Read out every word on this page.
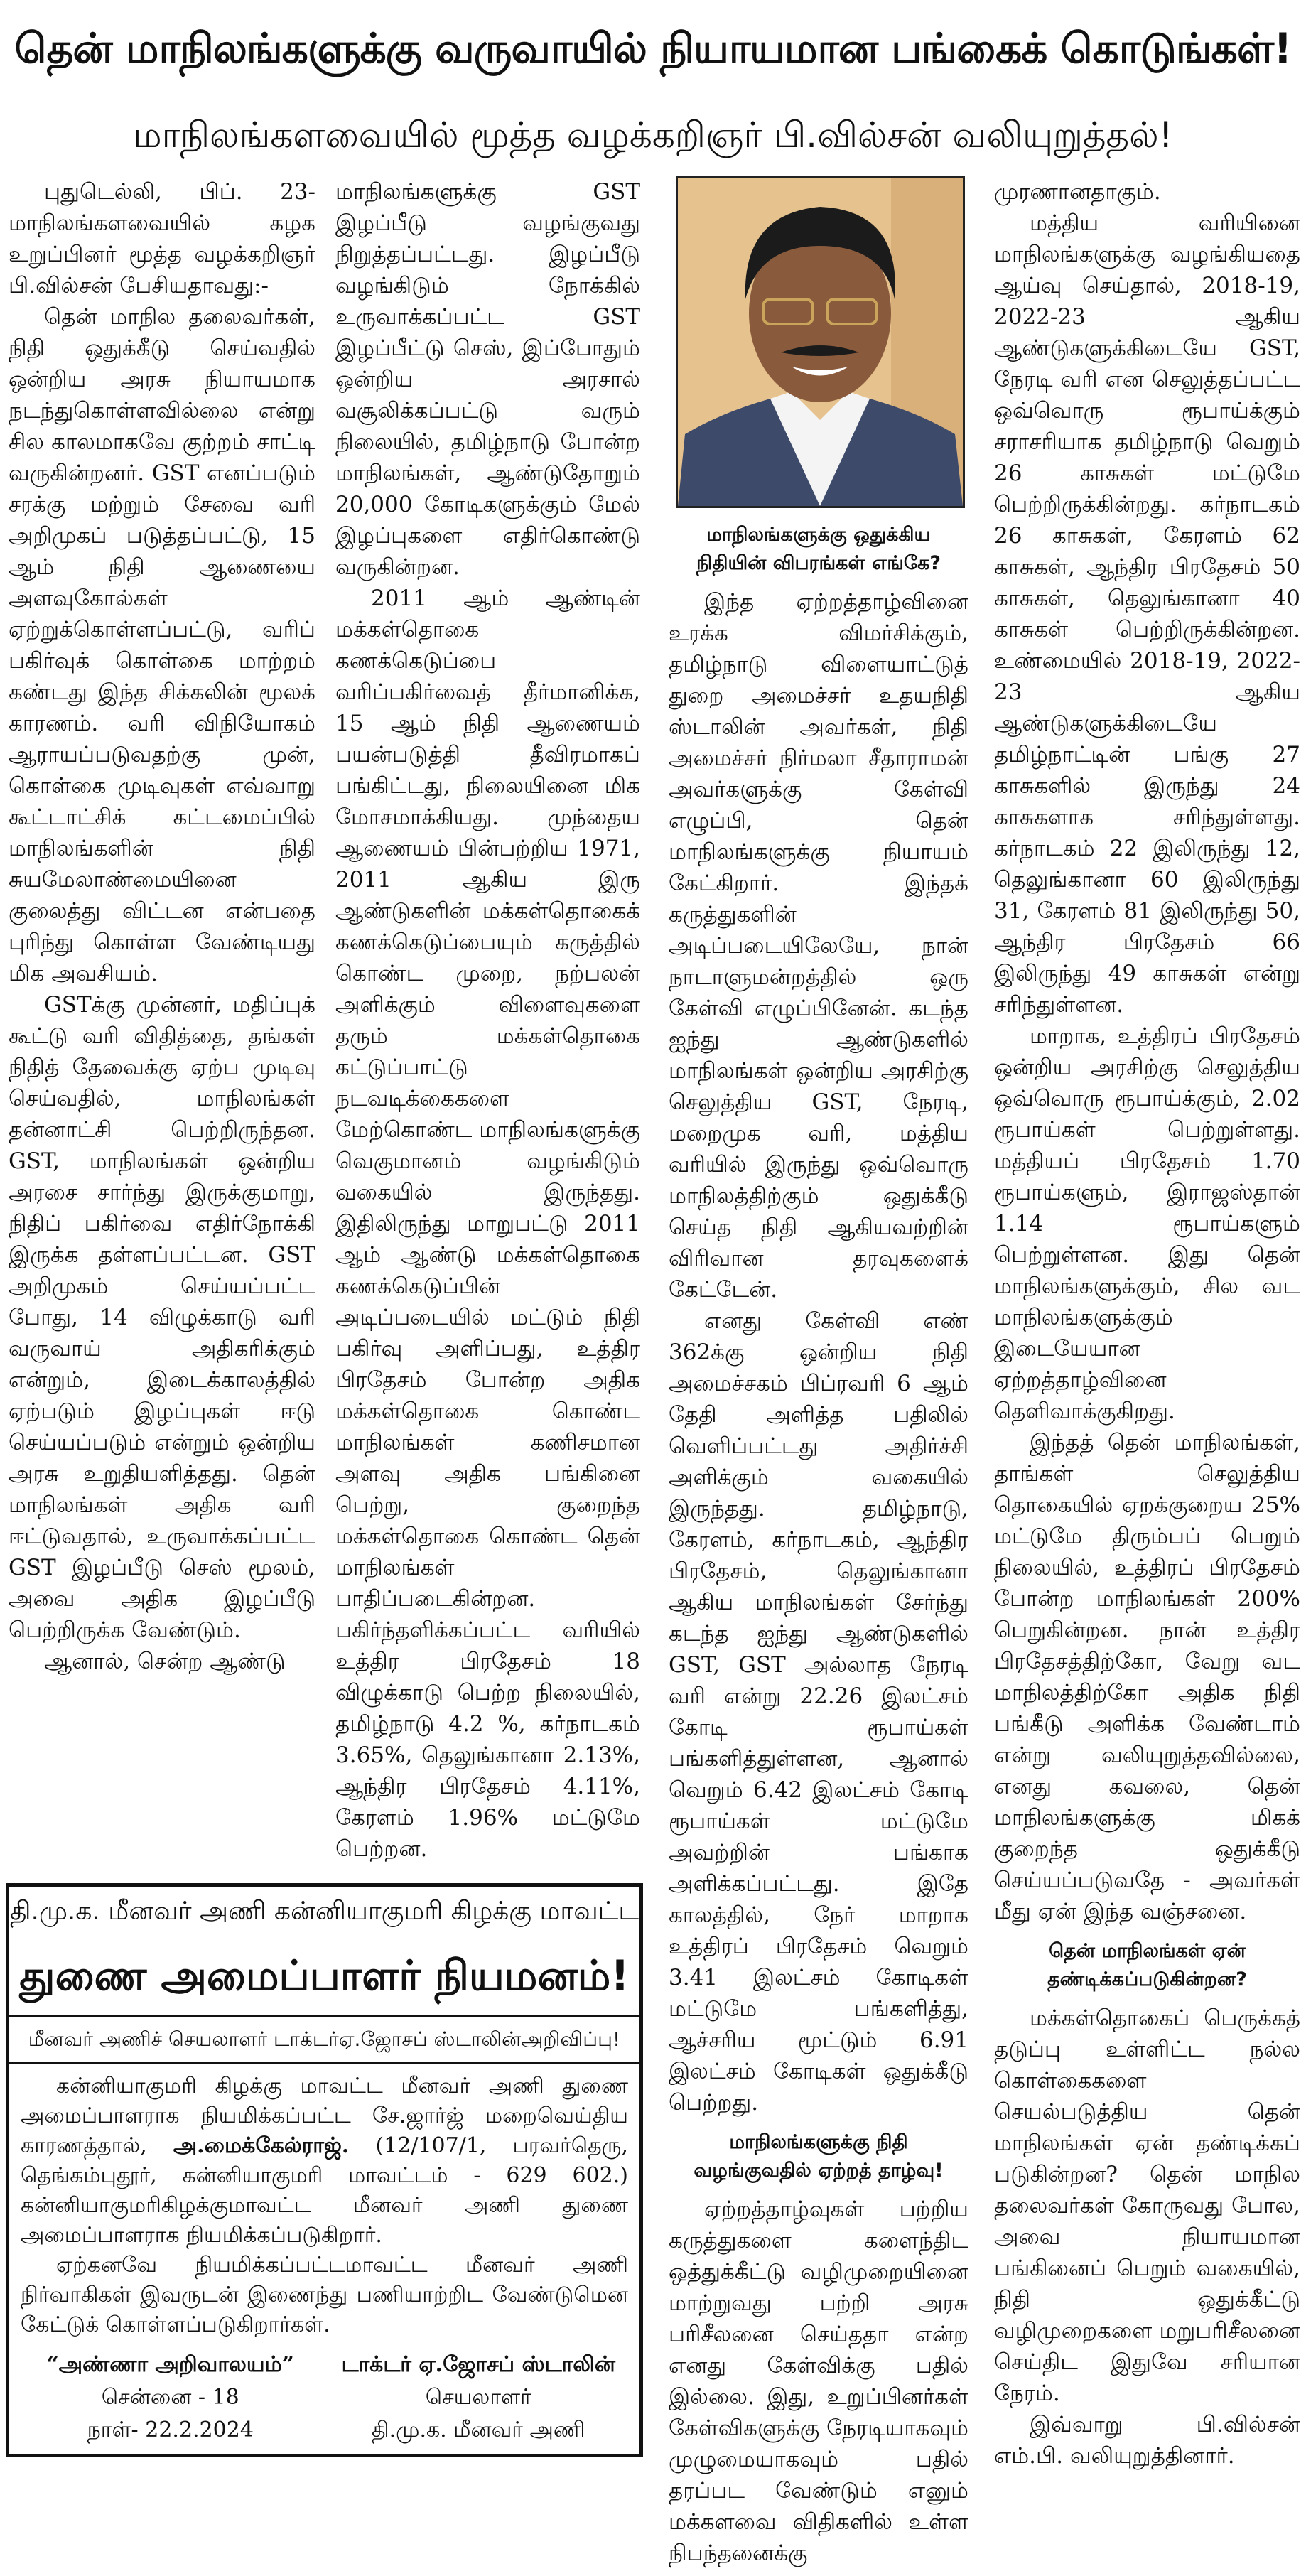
தென் மாநிலங்களுக்கு வருவாயில் நியாயமான பங்கைக் கொடுங்கள்!
மாநிலங்களவையில் மூத்த வழக்கறிஞர் பி.வில்சன் வலியுறுத்தல்!

புதுடெல்லி, பிப். 23- மாநிலங்களவையில் கழக உறுப்பினர் மூத்த வழக்கறிஞர் பி.வில்சன் பேசியதாவது:-

தென் மாநில தலைவர்கள், நிதி ஒதுக்கீடு செய்வதில் ஒன்றிய அரசு நியாயமாக நடந்துகொள்ளவில்லை என்று சில காலமாகவே குற்றம் சாட்டி வருகின்றனர். GST எனப்படும் சரக்கு மற்றும் சேவை வரி அறிமுகப் படுத்தப்பட்டு, 15 ஆம் நிதி ஆணையை அளவுகோல்கள் ஏற்றுக்கொள்ளப்பட்டு, வரிப் பகிர்வுக் கொள்கை மாற்றம் கண்டது இந்த சிக்கலின் மூலக் காரணம். வரி விநியோகம் ஆராயப்படுவதற்கு முன், கொள்கை முடிவுகள் எவ்வாறு கூட்டாட்சிக் கட்டமைப்பில் மாநிலங்களின் நிதி சுயமேலாண்மையினை குலைத்து விட்டன என்பதை புரிந்து கொள்ள வேண்டியது மிக அவசியம்.

GSTக்கு முன்னர், மதிப்புக் கூட்டு வரி விதித்தை, தங்கள் நிதித் தேவைக்கு ஏற்ப முடிவு செய்வதில், மாநிலங்கள் தன்னாட்சி பெற்றிருந்தன. GST, மாநிலங்கள் ஒன்றிய அரசை சார்ந்து இருக்குமாறு, நிதிப் பகிர்வை எதிர்நோக்கி இருக்க தள்ளப்பட்டன. GST அறிமுகம் செய்யப்பட்ட போது, 14 விழுக்காடு வரி வருவாய் அதிகரிக்கும் என்றும், இடைக்காலத்தில் ஏற்படும் இழப்புகள் ஈடு செய்யப்படும் என்றும் ஒன்றிய அரசு உறுதியளித்தது. தென் மாநிலங்கள் அதிக வரி ஈட்டுவதால், உருவாக்கப்பட்ட GST இழப்பீடு செஸ் மூலம், அவை அதிக இழப்பீடு பெற்றிருக்க வேண்டும்.

ஆனால், சென்ற ஆண்டு

மாநிலங்களுக்கு GST இழப்பீடு வழங்குவது நிறுத்தப்பட்டது. இழப்பீடு வழங்கிடும் நோக்கில் உருவாக்கப்பட்ட GST இழப்பீட்டு செஸ், இப்போதும் ஒன்றிய அரசால் வசூலிக்கப்பட்டு வரும் நிலையில், தமிழ்நாடு போன்ற மாநிலங்கள், ஆண்டுதோறும் 20,000 கோடிகளுக்கும் மேல் இழப்புகளை எதிர்கொண்டு வருகின்றன.

2011 ஆம் ஆண்டின் மக்கள்தொகை கணக்கெடுப்பை வரிப்பகிர்வைத் தீர்மானிக்க, 15 ஆம் நிதி ஆணையம் பயன்படுத்தி தீவிரமாகப் பங்கிட்டது, நிலையினை மிக மோசமாக்கியது. முந்தைய ஆணையம் பின்பற்றிய 1971, 2011 ஆகிய இரு ஆண்டுகளின் மக்கள்தொகைக் கணக்கெடுப்பையும் கருத்தில் கொண்ட முறை, நற்பலன் அளிக்கும் விளைவுகளை தரும் மக்கள்தொகை கட்டுப்பாட்டு நடவடிக்கைகளை மேற்கொண்ட மாநிலங்களுக்கு வெகுமானம் வழங்கிடும் வகையில் இருந்தது. இதிலிருந்து மாறுபட்டு 2011 ஆம் ஆண்டு மக்கள்தொகை கணக்கெடுப்பின் அடிப்படையில் மட்டும் நிதி பகிர்வு அளிப்பது, உத்திர பிரதேசம் போன்ற அதிக மக்கள்தொகை கொண்ட மாநிலங்கள் கணிசமான அளவு அதிக பங்கினை பெற்று, குறைந்த மக்கள்தொகை கொண்ட தென் மாநிலங்கள் பாதிப்படைகின்றன. பகிர்ந்தளிக்கப்பட்ட வரியில் உத்திர பிரதேசம் 18 விழுக்காடு பெற்ற நிலையில், தமிழ்நாடு 4.2 %, கர்நாடகம் 3.65%, தெலுங்கானா 2.13%, ஆந்திர பிரதேசம் 4.11%, கேரளம் 1.96% மட்டுமே பெற்றன.

தி.மு.க. மீனவர் அணி கன்னியாகுமரி கிழக்கு மாவட்ட
துணை அமைப்பாளர் நியமனம்!
மீனவர் அணிச் செயலாளர் டாக்டர்ஏ.ஜோசப் ஸ்டாலின்அறிவிப்பு!

கன்னியாகுமரி கிழக்கு மாவட்ட மீனவர் அணி துணை அமைப்பாளராக நியமிக்கப்பட்ட சே.ஜார்ஜ் மறைவெய்திய காரணத்தால், அ.மைக்கேல்ராஜ். (12/107/1, பரவர்தெரு, தெங்கம்புதூர், கன்னியாகுமரி மாவட்டம் - 629 602.) கன்னியாகுமரிகிழக்குமாவட்ட மீனவர் அணி துணை அமைப்பாளராக நியமிக்கப்படுகிறார்.

ஏற்கனவே நியமிக்கப்பட்டமாவட்ட மீனவர் அணி நிர்வாகிகள் இவருடன் இணைந்து பணியாற்றிட வேண்டுமென கேட்டுக் கொள்ளப்படுகிறார்கள்.

“அண்ணா அறிவாலயம்”
சென்னை - 18
நாள்- 22.2.2024
டாக்டர் ஏ.ஜோசப் ஸ்டாலின்
செயலாளர்
தி.மு.க. மீனவர் அணி
மாநிலங்களுக்கு ஒதுக்கிய நிதியின் விபரங்கள் எங்கே?

இந்த ஏற்றத்தாழ்வினை உரக்க விமர்சிக்கும், தமிழ்நாடு விளையாட்டுத் துறை அமைச்சர் உதயநிதி ஸ்டாலின் அவர்கள், நிதி அமைச்சர் நிர்மலா சீதாராமன் அவர்களுக்கு கேள்வி எழுப்பி, தென் மாநிலங்களுக்கு நியாயம் கேட்கிறார். இந்தக் கருத்துகளின் அடிப்படையிலேயே, நான் நாடாளுமன்றத்தில் ஒரு கேள்வி எழுப்பினேன். கடந்த ஐந்து ஆண்டுகளில் மாநிலங்கள் ஒன்றிய அரசிற்கு செலுத்திய GST, நேரடி, மறைமுக வரி, மத்திய வரியில் இருந்து ஒவ்வொரு மாநிலத்திற்கும் ஒதுக்கீடு செய்த நிதி ஆகியவற்றின் விரிவான தரவுகளைக் கேட்டேன்.

எனது கேள்வி எண் 362க்கு ஒன்றிய நிதி அமைச்சகம் பிப்ரவரி 6 ஆம் தேதி அளித்த பதிலில் வெளிப்பட்டது அதிர்ச்சி அளிக்கும் வகையில் இருந்தது. தமிழ்நாடு, கேரளம், கர்நாடகம், ஆந்திர பிரதேசம், தெலுங்கானா ஆகிய மாநிலங்கள் சேர்ந்து கடந்த ஐந்து ஆண்டுகளில் GST, GST அல்லாத நேரடி வரி என்று 22.26 இலட்சம் கோடி ரூபாய்கள் பங்களித்துள்ளன, ஆனால் வெறும் 6.42 இலட்சம் கோடி ரூபாய்கள் மட்டுமே அவற்றின் பங்காக அளிக்கப்பட்டது. இதே காலத்தில், நேர் மாறாக உத்திரப் பிரதேசம் வெறும் 3.41 இலட்சம் கோடிகள் மட்டுமே பங்களித்து, ஆச்சரிய மூட்டும் 6.91 இலட்சம் கோடிகள் ஒதுக்கீடு பெற்றது.

மாநிலங்களுக்கு நிதி வழங்குவதில் ஏற்றத் தாழ்வு!

ஏற்றத்தாழ்வுகள் பற்றிய கருத்துகளை களைந்திட ஒத்துக்கீட்டு வழிமுறையினை மாற்றுவது பற்றி அரசு பரிசீலனை செய்ததா என்ற எனது கேள்விக்கு பதில் இல்லை. இது, உறுப்பினர்கள் கேள்விகளுக்கு நேரடியாகவும் முழுமையாகவும் பதில் தரப்பட வேண்டும் எனும் மக்களவை விதிகளில் உள்ள நிபந்தனைக்கு

முரணானதாகும்.

மத்திய வரியினை மாநிலங்களுக்கு வழங்கியதை ஆய்வு செய்தால், 2018-19, 2022-23 ஆகிய ஆண்டுகளுக்கிடையே GST, நேரடி வரி என செலுத்தப்பட்ட ஒவ்வொரு ரூபாய்க்கும் சராசரியாக தமிழ்நாடு வெறும் 26 காசுகள் மட்டுமே பெற்றிருக்கின்றது. கர்நாடகம் 26 காசுகள், கேரளம் 62 காசுகள், ஆந்திர பிரதேசம் 50 காசுகள், தெலுங்கானா 40 காசுகள் பெற்றிருக்கின்றன. உண்மையில் 2018-19, 2022-23 ஆகிய ஆண்டுகளுக்கிடையே தமிழ்நாட்டின் பங்கு 27 காசுகளில் இருந்து 24 காசுகளாக சரிந்துள்ளது. கர்நாடகம் 22 இலிருந்து 12, தெலுங்கானா 60 இலிருந்து 31, கேரளம் 81 இலிருந்து 50, ஆந்திர பிரதேசம் 66 இலிருந்து 49 காசுகள் என்று சரிந்துள்ளன.

மாறாக, உத்திரப் பிரதேசம் ஒன்றிய அரசிற்கு செலுத்திய ஒவ்வொரு ரூபாய்க்கும், 2.02 ரூபாய்கள் பெற்றுள்ளது. மத்தியப் பிரதேசம் 1.70 ரூபாய்களும், இராஜஸ்தான் 1.14 ரூபாய்களும் பெற்றுள்ளன. இது தென் மாநிலங்களுக்கும், சில வட மாநிலங்களுக்கும் இடையேயான ஏற்றத்தாழ்வினை தெளிவாக்குகிறது.

இந்தத் தென் மாநிலங்கள், தாங்கள் செலுத்திய தொகையில் ஏறக்குறைய 25% மட்டுமே திரும்பப் பெறும் நிலையில், உத்திரப் பிரதேசம் போன்ற மாநிலங்கள் 200% பெறுகின்றன. நான் உத்திர பிரதேசத்திற்கோ, வேறு வட மாநிலத்திற்கோ அதிக நிதி பங்கீடு அளிக்க வேண்டாம் என்று வலியுறுத்தவில்லை, எனது கவலை, தென் மாநிலங்களுக்கு மிகக் குறைந்த ஒதுக்கீடு செய்யப்படுவதே - அவர்கள் மீது ஏன் இந்த வஞ்சனை.

தென் மாநிலங்கள் ஏன் தண்டிக்கப்படுகின்றன?

மக்கள்தொகைப் பெருக்கத் தடுப்பு உள்ளிட்ட நல்ல கொள்கைகளை செயல்படுத்திய தென் மாநிலங்கள் ஏன் தண்டிக்கப் படுகின்றன? தென் மாநில தலைவர்கள் கோருவது போல, அவை நியாயமான பங்கினைப் பெறும் வகையில், நிதி ஒதுக்கீட்டு வழிமுறைகளை மறுபரிசீலனை செய்திட இதுவே சரியான நேரம்.

இவ்வாறு பி.வில்சன் எம்.பி. வலியுறுத்தினார்.
